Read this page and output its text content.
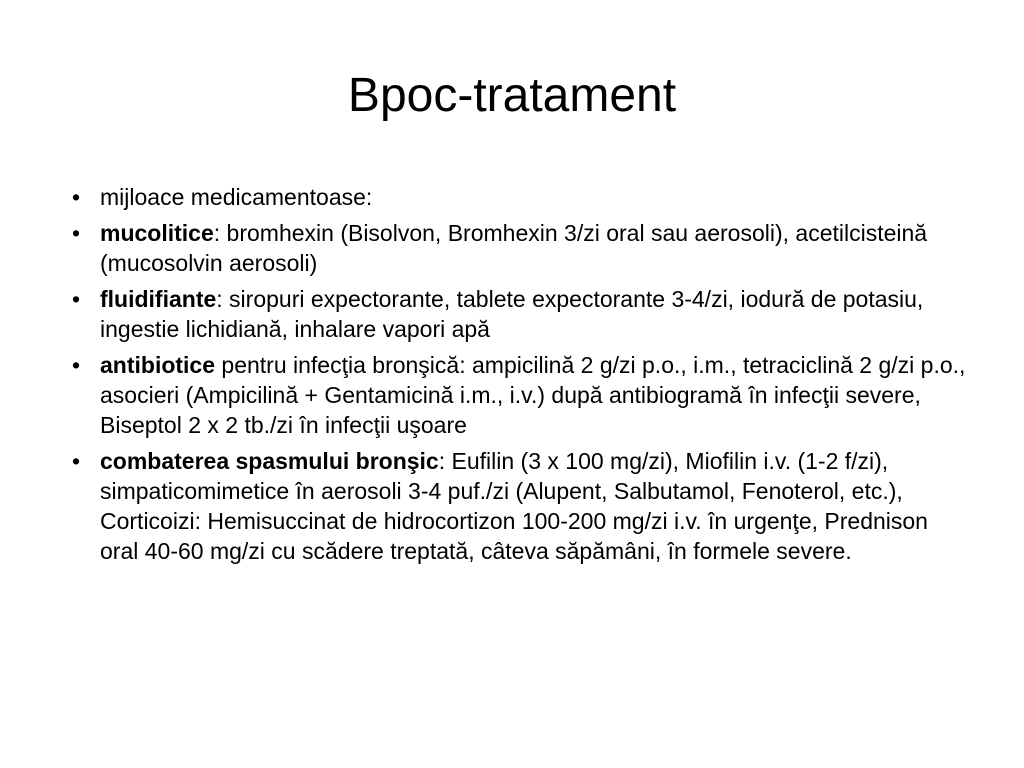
Bpoc-tratament
• mijloace medicamentoase:
• mucolitice: bromhexin (Bisolvon, Bromhexin 3/zi oral sau aerosoli), acetilcisteină (mucosolvin aerosoli)
• fluidifiante: siropuri expectorante, tablete expectorante 3-4/zi, iodură de potasiu, ingestie lichidiană, inhalare vapori apă
• antibiotice pentru infecţia bronşică: ampicilină 2 g/zi p.o., i.m., tetraciclină 2 g/zi p.o., asocieri (Ampicilină + Gentamicină i.m., i.v.) după antibiogramă în infecţii severe, Biseptol 2 x 2 tb./zi în infecţii uşoare
• combaterea spasmului bronşic: Eufilin (3 x 100 mg/zi), Miofilin i.v. (1-2 f/zi), simpaticomimetice în aerosoli 3-4 puf./zi (Alupent, Salbutamol, Fenoterol, etc.), Corticoizi: Hemisuccinat de hidrocortizon 100-200 mg/zi i.v. în urgenţe, Prednison oral 40-60 mg/zi cu scădere treptată, câteva săpămâni, în formele severe.
